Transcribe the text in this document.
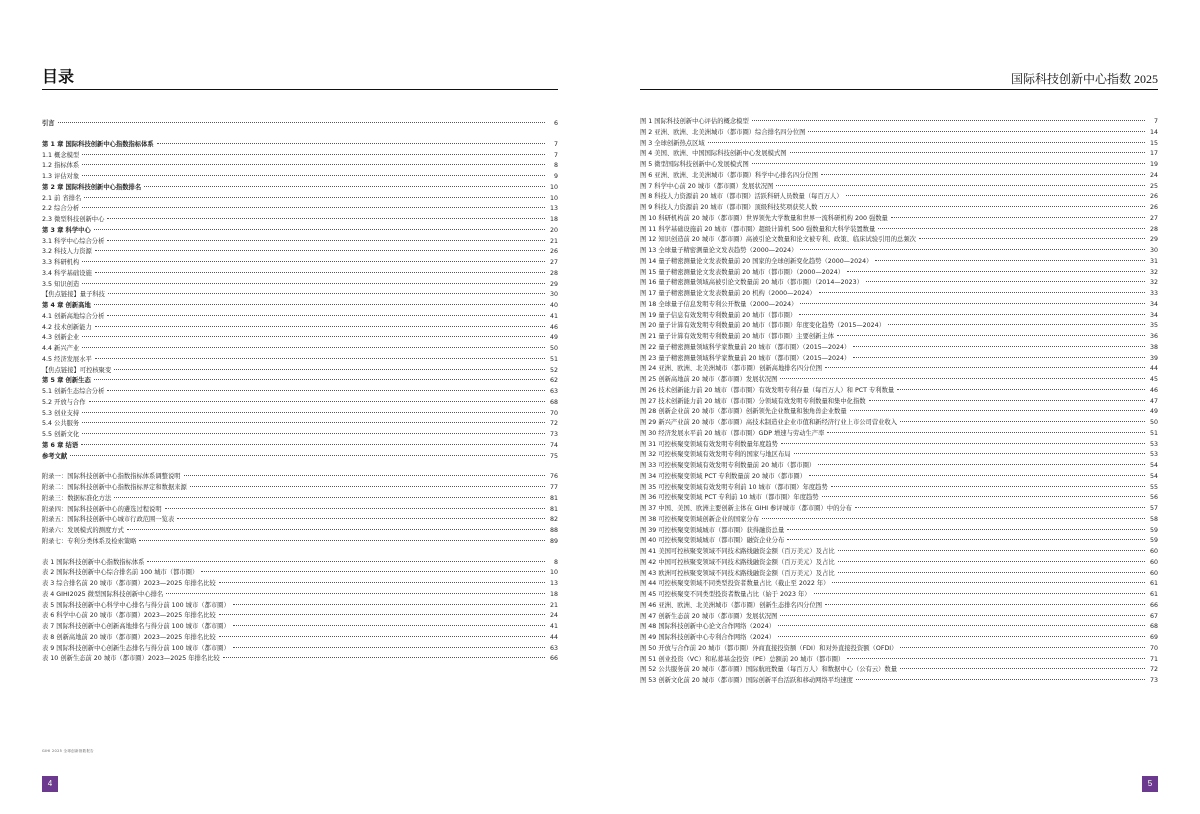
目录
引言	6
第 1 章 国际科技创新中心指数指标体系	7
1.1 概念模型	7
1.2 指标体系	8
1.3 评估对象	9
第 2 章 国际科技创新中心指数排名	10
2.1 前 省排名	10
2.2 综合分析	13
2.3 微型科技创新中心	18
第 3 章 科学中心	20
3.1 科学中心综合分析	21
3.2 科技人力资源	26
3.3 科研机构	27
3.4 科学基础设施	28
3.5 知识创造	29
【焦点链接】量子科技	30
第 4 章 创新高地	40
4.1 创新高地综合分析	41
4.2 技术创新能力	46
4.3 创新企业	49
4.4 新兴产业	50
4.5 经济发展水平	51
【焦点链接】可控核聚变	52
第 5 章 创新生态	62
5.1 创新生态综合分析	63
5.2 开放与合作	68
5.3 创业支持	70
5.4 公共服务	72
5.5 创新文化	73
第 6 章 结语	74
参考文献	75
附录一：国际科技创新中心指数指标体系调整说明	76
附录二：国际科技创新中心指数指标界定和数据来源	77
附录三：数据标准化方法	81
附录四：国际科技创新中心的遴选过程说明	81
附录五：国际科技创新中心城市行政范围一览表	82
附录六：发展模式的测度方式	88
附录七：专利分类体系及检索策略	89
表 1 国际科技创新中心指数指标体系	8
表 2 国际科技创新中心综合排名前 100 城市（都市圈）	10
表 3 综合排名前 20 城市（都市圈）2023—2025 年排名比较	13
表 4 GIHI2025 微型国际科技创新中心排名	18
表 5 国际科技创新中心科学中心排名与得分前 100 城市（都市圈）	21
表 6 科学中心前 20 城市（都市圈）2023—2025 年排名比较	24
表 7 国际科技创新中心创新高地排名与得分前 100 城市（都市圈）	41
表 8 创新高地前 20 城市（都市圈）2023—2025 年排名比较	44
表 9 国际科技创新中心创新生态排名与得分前 100 城市（都市圈）	63
表 10 创新生态前 20 城市（都市圈）2023—2025 年排名比较	66
GIHI 2025 全球创新指数报告
4
国际科技创新中心指数 2025
图 1 国际科技创新中心评估的概念模型	7
图 2 亚洲、欧洲、北美洲城市（都市圈）综合排名四分位图	14
图 3 全球创新热点区域	15
图 4 美国、欧洲、中国国际科技创新中心发展模式图	17
图 5 微型国际科技创新中心发展模式图	19
图 6 亚洲、欧洲、北美洲城市（都市圈）科学中心排名四分位图	24
图 7 科学中心前 20 城市（都市圈）发展状况图	25
图 8 科技人力资源前 20 城市（都市圈）活跃科研人员数量（每百万人）	26
图 9 科技人力资源前 20 城市（都市圈）顶级科技奖项获奖人数	26
图 10 科研机构前 20 城市（都市圈）世界领先大学数量和世界一流科研机构 200 强数量	27
图 11 科学基础设施前 20 城市（都市圈）超级计算机 500 强数量和大科学装置数量	28
图 12 知识创造前 20 城市（都市圈）高被引论文数量和论文被专利、政策、临床试验引用的总频次	29
图 13 全球量子精密测量论文发表趋势（2000—2024）	30
图 14 量子精密测量论文发表数量前 20 国家的全球创新变化趋势（2000—2024）	31
图 15 量子精密测量论文发表数量前 20 城市（都市圈）（2000—2024）	32
图 16 量子精密测量领域高被引论文数量前 20 城市（都市圈）（2014—2023）	32
图 17 量子精密测量论文发表数量前 20 机构（2000—2024）	33
图 18 全球量子信息发明专利公开数量（2000—2024）	34
图 19 量子信息有效发明专利数量前 20 城市（都市圈）	34
图 20 量子计算有效发明专利数量前 20 城市（都市圈）年度变化趋势（2015—2024）	35
图 21 量子计算有效发明专利数量前 20 城市（都市圈）主要创新主体	36
图 22 量子精密测量领域科学家数量前 20 城市（都市圈）（2015—2024）	38
图 23 量子精密测量领域科学家数量前 20 城市（都市圈）（2015—2024）	39
图 24 亚洲、欧洲、北美洲城市（都市圈）创新高地排名四分位图	44
图 25 创新高地前 20 城市（都市圈）发展状况图	45
图 26 技术创新能力前 20 城市（都市圈）有效发明专利存量（每百万人）和 PCT 专利数量	46
图 27 技术创新能力前 20 城市（都市圈）分领域有效发明专利数量和集中化指数	47
图 28 创新企业前 20 城市（都市圈）创新领先企业数量和独角兽企业数量	49
图 29 新兴产业前 20 城市（都市圈）高技术制造业企业市值和新经济行业上市公司营业收入	50
图 30 经济发展水平前 20 城市（都市圈）GDP 增速与劳动生产率	51
图 31 可控核聚变领域有效发明专利数量年度趋势	53
图 32 可控核聚变领域有效发明专利的国家与地区布局	53
图 33 可控核聚变领域有效发明专利数量前 20 城市（都市圈）	54
图 34 可控核聚变领域 PCT 专利数量前 20 城市（都市圈）	54
图 35 可控核聚变领域有效发明专利前 10 城市（都市圈）年度趋势	55
图 36 可控核聚变领域 PCT 专利前 10 城市（都市圈）年度趋势	56
图 37 中国、美国、欧洲主要创新主体在 GIHI 参评城市（都市圈）中的分布	57
图 38 可控核聚变领域创新企业的国家分布	58
图 39 可控核聚变领域城市（都市圈）获得融资总量	59
图 40 可控核聚变领域城市（都市圈）融资企业分布	59
图 41 美国可控核聚变领域不同技术路线融资金额（百万美元）及占比	60
图 42 中国可控核聚变领域不同技术路线融资金额（百万美元）及占比	60
图 43 欧洲可控核聚变领域不同技术路线融资金额（百万美元）及占比	60
图 44 可控核聚变领域不同类型投资者数量占比（截止至 2022 年）	61
图 45 可控核聚变不同类型投资者数量占比（始于 2023 年）	61
图 46 亚洲、欧洲、北美洲城市（都市圈）创新生态排名四分位图	66
图 47 创新生态前 20 城市（都市圈）发展状况图	67
图 48 国际科技创新中心论文合作网络（2024）	68
图 49 国际科技创新中心专利合作网络（2024）	69
图 50 开放与合作前 20 城市（都市圈）外商直接投资额（FDI）和对外直接投资额（OFDI）	70
图 51 创业投资（VC）和私募基金投资（PE）总额前 20 城市（都市圈）	71
图 52 公共服务前 20 城市（都市圈）国际航班数量（每百万人）和数据中心（公有云）数量	72
图 53 创新文化前 20 城市（都市圈）国际创新平台活跃和移动网络平均速度	73
5
